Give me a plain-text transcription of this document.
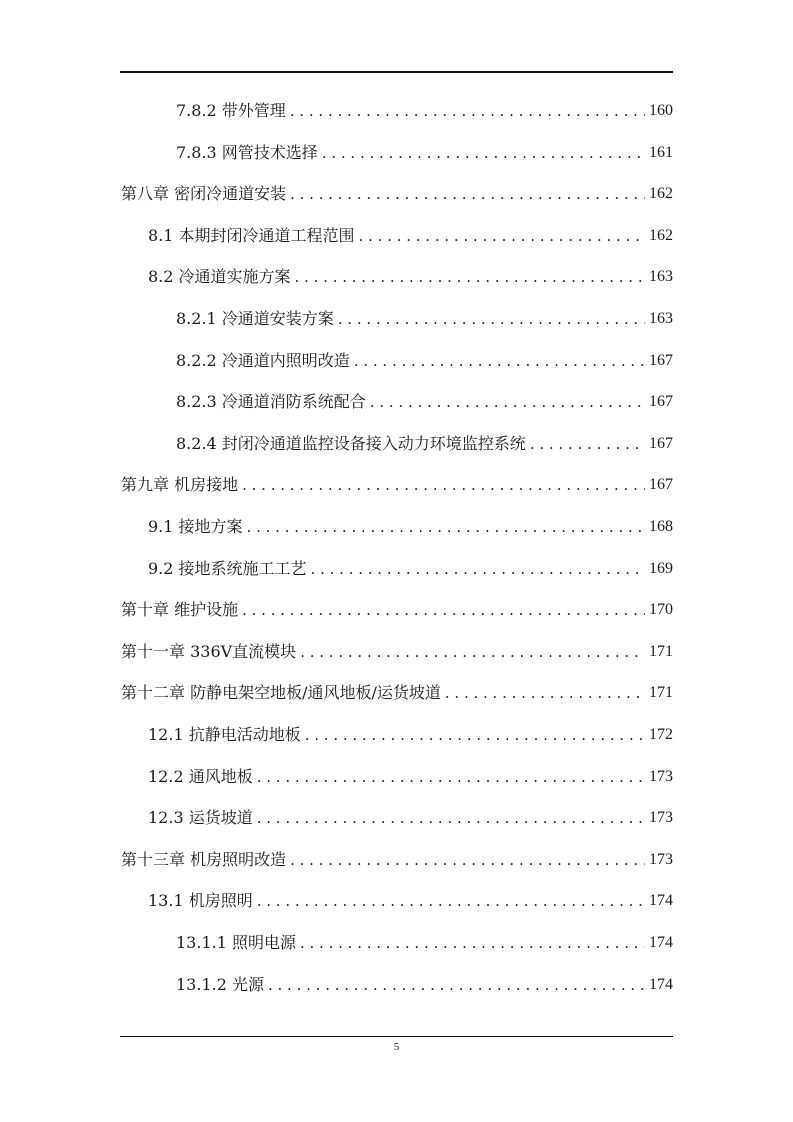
7.8.2 带外管理 . . .	160
7.8.3 网管技术选择 . . .	161
第八章 密闭冷通道安装 . . .	162
8.1 本期封闭冷通道工程范围 . . .	162
8.2 冷通道实施方案 . . .	163
8.2.1 冷通道安装方案 . . .	163
8.2.2 冷通道内照明改造 . . .	167
8.2.3 冷通道消防系统配合 . . .	167
8.2.4 封闭冷通道监控设备接入动力环境监控系统 . . .	167
第九章 机房接地 . . .	167
9.1 接地方案 . . .	168
9.2 接地系统施工工艺 . . .	169
第十章 维护设施 . . .	170
第十一章 336V直流模块 . . .	171
第十二章 防静电架空地板/通风地板/运货坡道 . . .	171
12.1 抗静电活动地板 . . .	172
12.2 通风地板 . . .	173
12.3 运货坡道 . . .	173
第十三章 机房照明改造 . . .	173
13.1 机房照明 . . .	174
13.1.1 照明电源 . . .	174
13.1.2 光源 . . .	174
5
